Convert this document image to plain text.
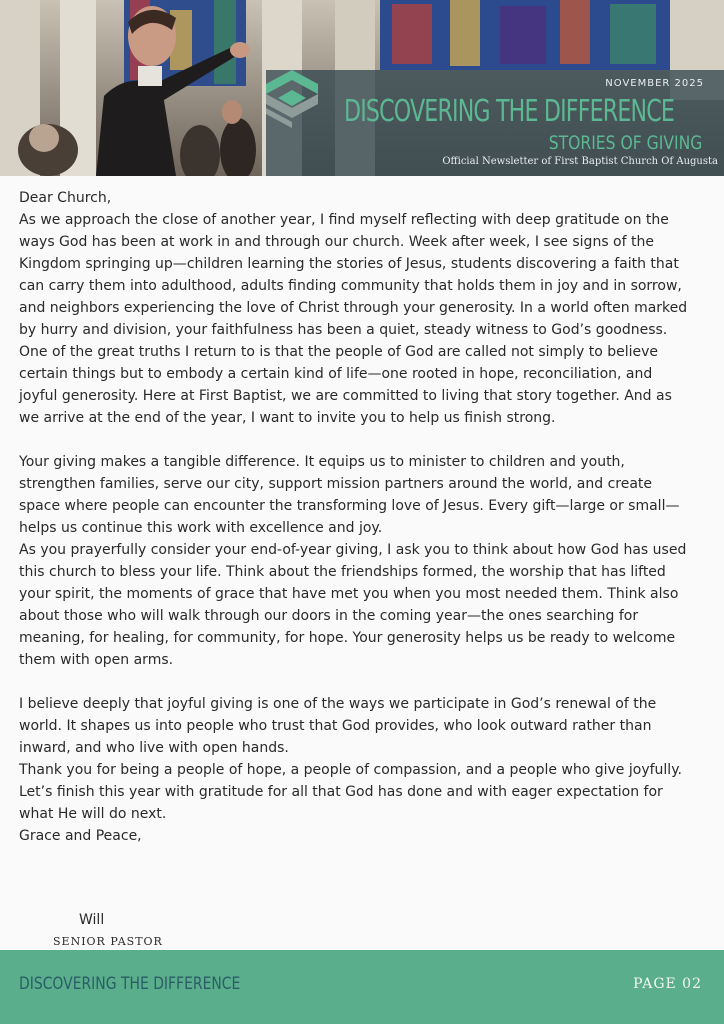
NOVEMBER 2025
DISCOVERING THE DIFFERENCE
STORIES OF GIVING
Official Newsletter of First Baptist Church Of Augusta

Dear Church,

As we approach the close of another year, I find myself reflecting with deep gratitude on the ways God has been at work in and through our church. Week after week, I see signs of the Kingdom springing up—children learning the stories of Jesus, students discovering a faith that can carry them into adulthood, adults finding community that holds them in joy and in sorrow, and neighbors experiencing the love of Christ through your generosity. In a world often marked by hurry and division, your faithfulness has been a quiet, steady witness to God’s goodness.

One of the great truths I return to is that the people of God are called not simply to believe certain things but to embody a certain kind of life—one rooted in hope, reconciliation, and joyful generosity. Here at First Baptist, we are committed to living that story together. And as we arrive at the end of the year, I want to invite you to help us finish strong.

Your giving makes a tangible difference. It equips us to minister to children and youth, strengthen families, serve our city, support mission partners around the world, and create space where people can encounter the transforming love of Jesus. Every gift—large or small—helps us continue this work with excellence and joy.

As you prayerfully consider your end-of-year giving, I ask you to think about how God has used this church to bless your life. Think about the friendships formed, the worship that has lifted your spirit, the moments of grace that have met you when you most needed them. Think also about those who will walk through our doors in the coming year—the ones searching for meaning, for healing, for community, for hope. Your generosity helps us be ready to welcome them with open arms.

I believe deeply that joyful giving is one of the ways we participate in God’s renewal of the world. It shapes us into people who trust that God provides, who look outward rather than inward, and who live with open hands.

Thank you for being a people of hope, a people of compassion, and a people who give joyfully. Let’s finish this year with gratitude for all that God has done and with eager expectation for what He will do next.

Grace and Peace,

Will
SENIOR PASTOR
DISCOVERING THE DIFFERENCE	PAGE 02
